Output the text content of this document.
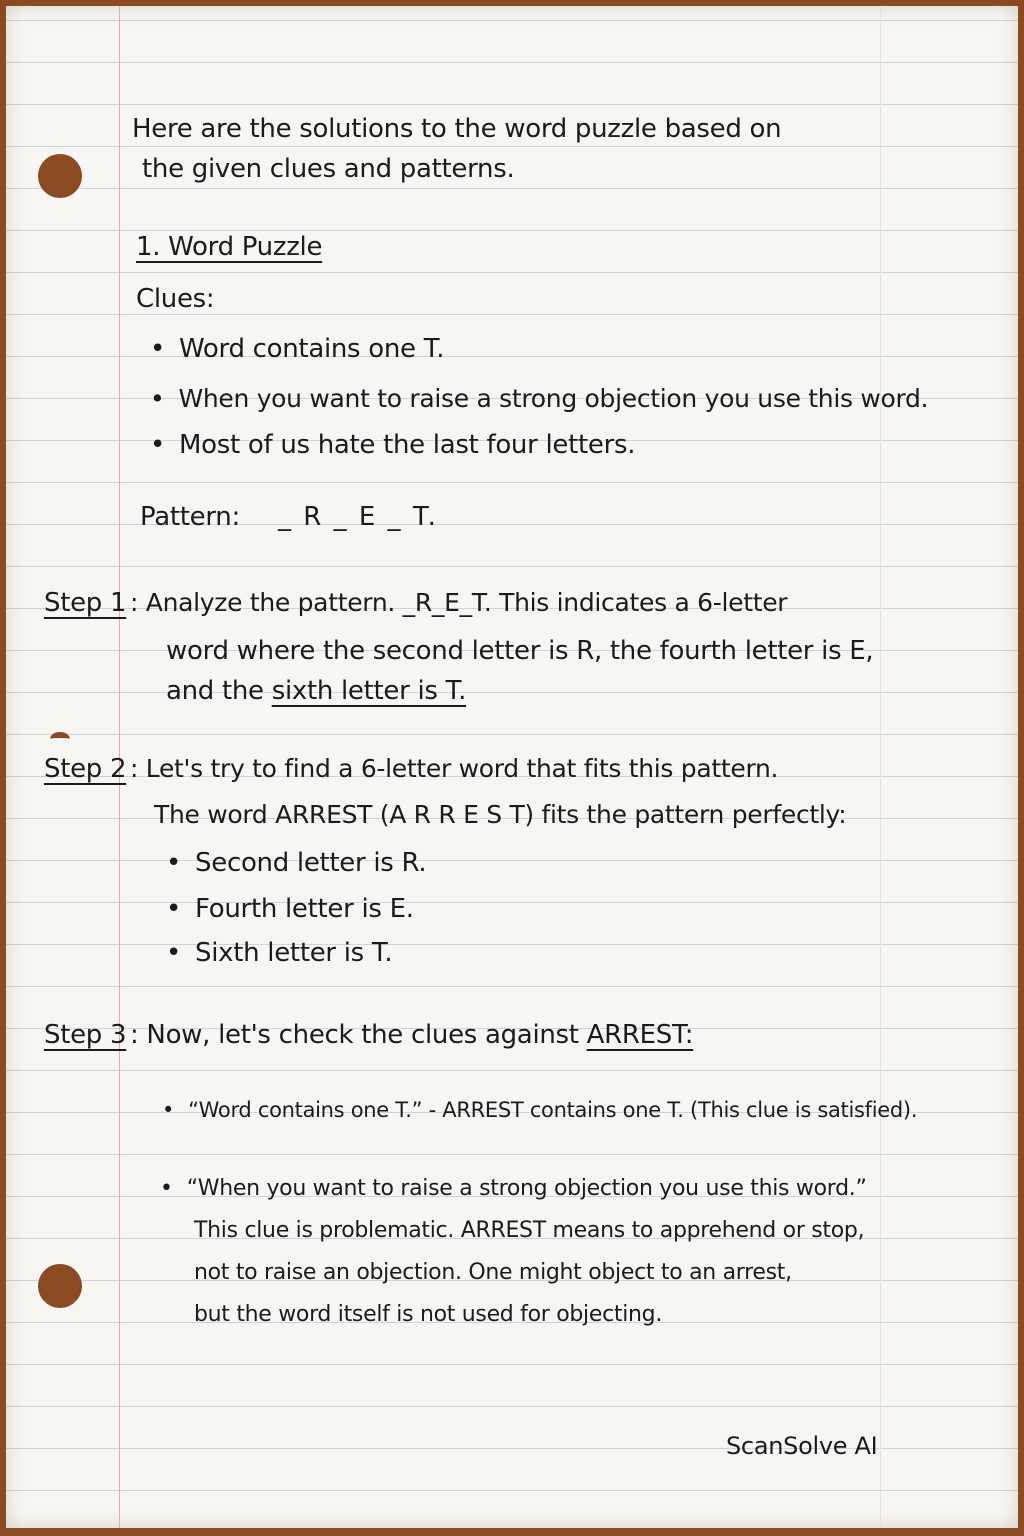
Here are the solutions to the word puzzle based on
the given clues and patterns.
1. Word Puzzle
Clues:
• Word contains one T.
• When you want to raise a strong objection you use this word.
• Most of us hate the last four letters.
Pattern: _ R _ E _ T.
Step 1 : Analyze the pattern. _R_E_T. This indicates a 6-letter
word where the second letter is R, the fourth letter is E,
and the sixth letter is T.
Step 2 : Let's try to find a 6-letter word that fits this pattern.
The word ARREST (A R R E S T) fits the pattern perfectly:
• Second letter is R.
• Fourth letter is E.
• Sixth letter is T.
Step 3 : Now, let's check the clues against ARREST:
• “Word contains one T.” - ARREST contains one T. (This clue is satisfied).
• “When you want to raise a strong objection you use this word.”
This clue is problematic. ARREST means to apprehend or stop,
not to raise an objection. One might object to an arrest,
but the word itself is not used for objecting.
ScanSolve AI
